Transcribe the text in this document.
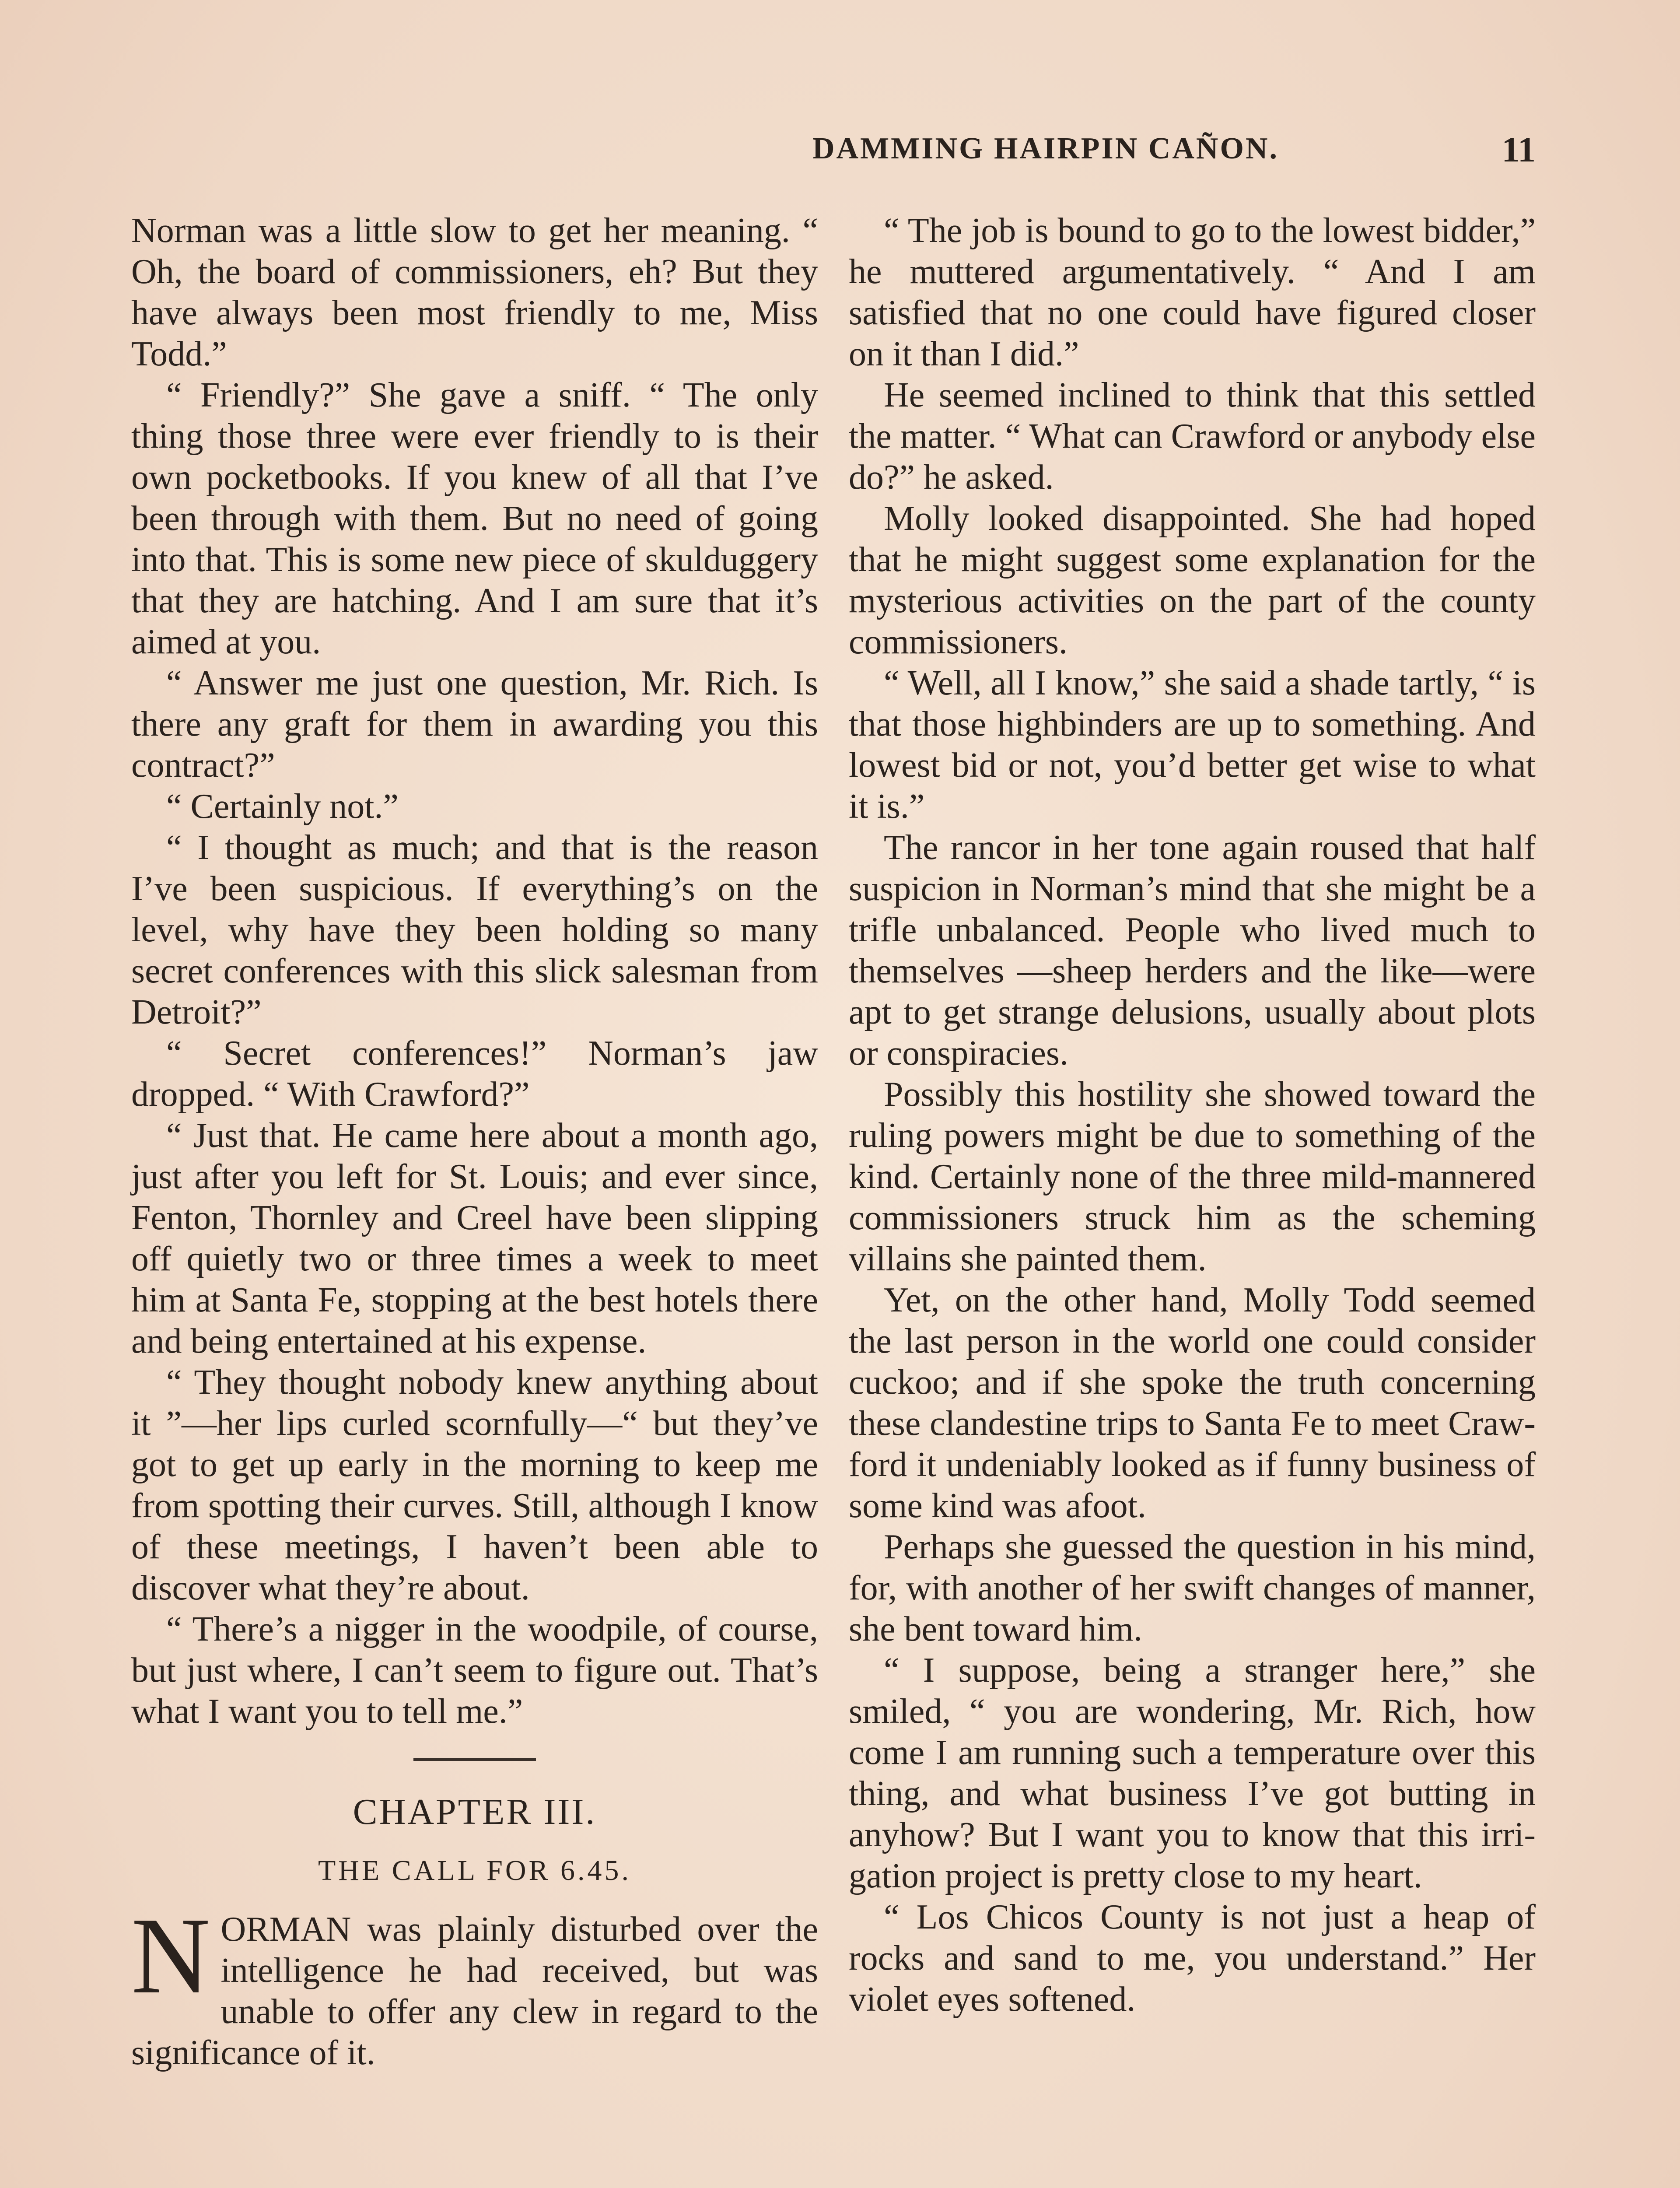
DAMMING HAIRPIN CAÑON.	11

Norman was a little slow to get her meaning. “ Oh, the board of commissioners, eh? But they have always been most friendly to me, Miss Todd.”

“ Friendly?” She gave a sniff. “ The only thing those three were ever friendly to is their own pocketbooks. If you knew of all that I’ve been through with them. But no need of going into that. This is some new piece of skulduggery that they are hatching. And I am sure that it’s aimed at you.

“ Answer me just one question, Mr. Rich. Is there any graft for them in awarding you this contract?”

“ Certainly not.”

“ I thought as much; and that is the reason I’ve been suspicious. If everything’s on the level, why have they been holding so many secret conferences with this slick salesman from Detroit?”

“ Secret conferences!” Norman’s jaw dropped. “ With Crawford?”

“ Just that. He came here about a month ago, just after you left for St. Louis; and ever since, Fenton, Thornley and Creel have been slipping off quietly two or three times a week to meet him at Santa Fe, stopping at the best hotels there and being entertained at his expense.

“ They thought nobody knew anything about it ”—her lips curled scornfully—“ but they’ve got to get up early in the morning to keep me from spotting their curves. Still, although I know of these meetings, I haven’t been able to discover what they’re about.

“ There’s a nigger in the woodpile, of course, but just where, I can’t seem to figure out. That’s what I want you to tell me.”

CHAPTER III.
THE CALL FOR 6.45.

NORMAN was plainly disturbed over the intelligence he had received, but was unable to offer any clew in regard to the significance of it.

“ The job is bound to go to the lowest bidder,” he muttered argumentatively. “ And I am satisfied that no one could have figured closer on it than I did.”

He seemed inclined to think that this settled the matter. “ What can Crawford or anybody else do?” he asked.

Molly looked disappointed. She had hoped that he might suggest some explanation for the mysterious activities on the part of the county commissioners.

“ Well, all I know,” she said a shade tartly, “ is that those highbinders are up to something. And lowest bid or not, you’d better get wise to what it is.”

The rancor in her tone again roused that half suspicion in Norman’s mind that she might be a trifle unbalanced. People who lived much to themselves —sheep herders and the like—were apt to get strange delusions, usually about plots or conspiracies.

Possibly this hostility she showed toward the ruling powers might be due to something of the kind. Certainly none of the three mild-mannered commissioners struck him as the scheming villains she painted them.

Yet, on the other hand, Molly Todd seemed the last person in the world one could consider cuckoo; and if she spoke the truth concerning these clandestine trips to Santa Fe to meet Crawford it undeniably looked as if funny business of some kind was afoot.

Perhaps she guessed the question in his mind, for, with another of her swift changes of manner, she bent toward him.

“ I suppose, being a stranger here,” she smiled, “ you are wondering, Mr. Rich, how come I am running such a temperature over this thing, and what business I’ve got butting in anyhow? But I want you to know that this irrigation project is pretty close to my heart.

“ Los Chicos County is not just a heap of rocks and sand to me, you understand.” Her violet eyes softened.
